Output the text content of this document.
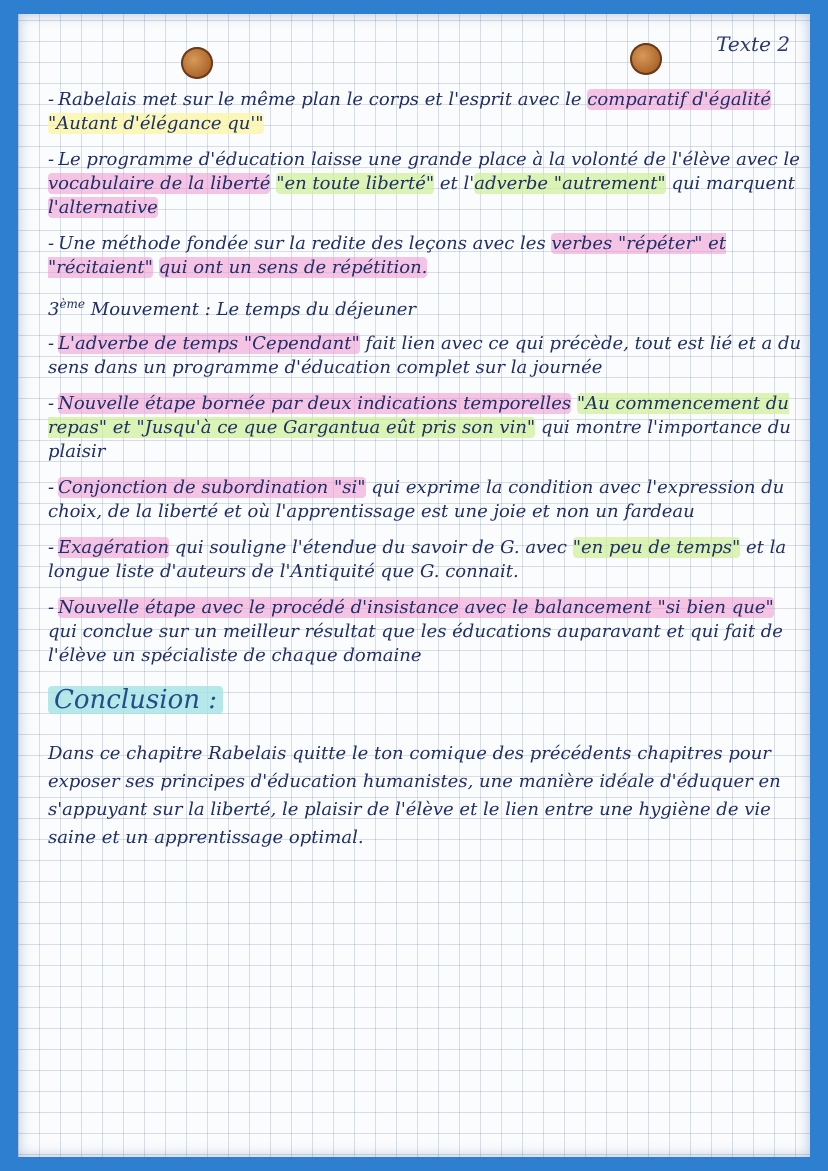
Texte 2
- Rabelais met sur le même plan le corps et l'esprit avec le comparatif d'égalité "Autant d'élégance qu'"
- Le programme d'éducation laisse une grande place à la volonté de l'élève avec le vocabulaire de la liberté "en toute liberté" et l'adverbe "autrement" qui marquent l'alternative
- Une méthode fondée sur la redite des leçons avec les verbes "répéter" et "récitaient" qui ont un sens de répétition.
3ème Mouvement : Le temps du déjeuner
- L'adverbe de temps "Cependant" fait lien avec ce qui précède, tout est lié et a du sens dans un programme d'éducation complet sur la journée
- Nouvelle étape bornée par deux indications temporelles "Au commencement du repas" et "Jusqu'à ce que Gargantua eût pris son vin" qui montre l'importance du plaisir
- Conjonction de subordination "si" qui exprime la condition avec l'expression du choix, de la liberté et où l'apprentissage est une joie et non un fardeau
- Exagération qui souligne l'étendue du savoir de G. avec "en peu de temps" et la longue liste d'auteurs de l'Antiquité que G. connait.
- Nouvelle étape avec le procédé d'insistance avec le balancement "si bien que" qui conclue sur un meilleur résultat que les éducations auparavant et qui fait de l'élève un spécialiste de chaque domaine
Conclusion :
Dans ce chapitre Rabelais quitte le ton comique des précédents chapitres pour exposer ses principes d'éducation humanistes, une manière idéale d'éduquer en s'appuyant sur la liberté, le plaisir de l'élève et le lien entre une hygiène de vie saine et un apprentissage optimal.
